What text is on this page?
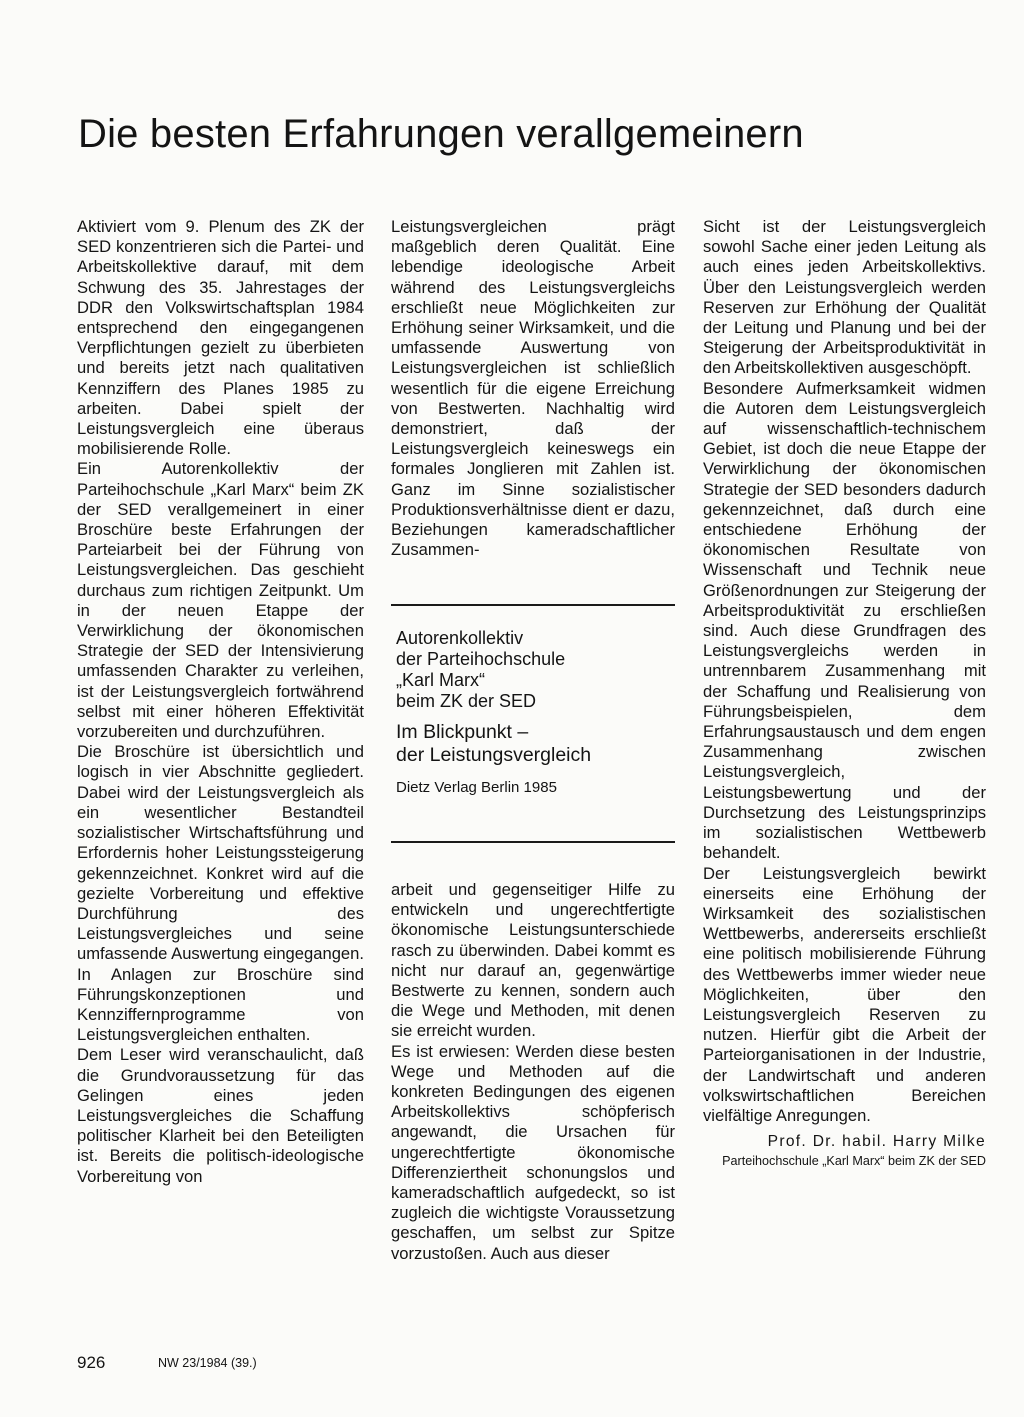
Die besten Erfahrungen verallgemeinern

Aktiviert vom 9. Plenum des ZK der SED konzentrieren sich die Partei- und Arbeitskollektive darauf, mit dem Schwung des 35. Jahrestages der DDR den Volkswirtschaftsplan 1984 entsprechend den eingegangenen Verpflichtungen gezielt zu überbieten und bereits jetzt nach qualitativen Kennziffern des Planes 1985 zu arbeiten. Dabei spielt der Leistungsvergleich eine überaus mobilisierende Rolle.

Ein Autorenkollektiv der Parteihochschule „Karl Marx“ beim ZK der SED verallgemeinert in einer Broschüre beste Erfahrungen der Parteiarbeit bei der Führung von Leistungsvergleichen. Das geschieht durchaus zum richtigen Zeitpunkt. Um in der neuen Etappe der Verwirklichung der ökonomischen Strategie der SED der Intensivierung umfassenden Charakter zu verleihen, ist der Leistungsvergleich fortwährend selbst mit einer höheren Effektivität vorzubereiten und durchzuführen.

Die Broschüre ist übersichtlich und logisch in vier Abschnitte gegliedert. Dabei wird der Leistungsvergleich als ein wesentlicher Bestandteil sozialistischer Wirtschaftsführung und Erfordernis hoher Leistungssteigerung gekennzeichnet. Konkret wird auf die gezielte Vorbereitung und effektive Durchführung des Leistungsvergleiches und seine umfassende Auswertung eingegangen. In Anlagen zur Broschüre sind Führungskonzeptionen und Kennziffernprogramme von Leistungsvergleichen enthalten.

Dem Leser wird veranschaulicht, daß die Grundvoraussetzung für das Gelingen eines jeden Leistungsvergleiches die Schaffung politischer Klarheit bei den Beteiligten ist. Bereits die politisch-ideologische Vorbereitung von

Leistungsvergleichen prägt maßgeblich deren Qualität. Eine lebendige ideologische Arbeit während des Leistungsvergleichs erschließt neue Möglichkeiten zur Erhöhung seiner Wirksamkeit, und die umfassende Auswertung von Leistungsvergleichen ist schließlich wesentlich für die eigene Erreichung von Bestwerten. Nachhaltig wird demonstriert, daß der Leistungsvergleich keineswegs ein formales Jonglieren mit Zahlen ist. Ganz im Sinne sozialistischer Produktionsverhältnisse dient er dazu, Beziehungen kameradschaftlicher Zusammen-

Autorenkollektiv
der Parteihochschule
„Karl Marx“
beim ZK der SED

Im Blickpunkt –
der Leistungsvergleich

Dietz Verlag Berlin 1985

arbeit und gegenseitiger Hilfe zu entwickeln und ungerechtfertigte ökonomische Leistungsunterschiede rasch zu überwinden. Dabei kommt es nicht nur darauf an, gegenwärtige Bestwerte zu kennen, sondern auch die Wege und Methoden, mit denen sie erreicht wurden.

Es ist erwiesen: Werden diese besten Wege und Methoden auf die konkreten Bedingungen des eigenen Arbeitskollektivs schöpferisch angewandt, die Ursachen für ungerechtfertigte ökonomische Differenziertheit schonungslos und kameradschaftlich aufgedeckt, so ist zugleich die wichtigste Voraussetzung geschaffen, um selbst zur Spitze vorzustoßen. Auch aus dieser

Sicht ist der Leistungsvergleich sowohl Sache einer jeden Leitung als auch eines jeden Arbeitskollektivs. Über den Leistungsvergleich werden Reserven zur Erhöhung der Qualität der Leitung und Planung und bei der Steigerung der Arbeitsproduktivität in den Arbeitskollektiven ausgeschöpft.

Besondere Aufmerksamkeit widmen die Autoren dem Leistungsvergleich auf wissenschaftlich-technischem Gebiet, ist doch die neue Etappe der Verwirklichung der ökonomischen Strategie der SED besonders dadurch gekennzeichnet, daß durch eine entschiedene Erhöhung der ökonomischen Resultate von Wissenschaft und Technik neue Größenordnungen zur Steigerung der Arbeitsproduktivität zu erschließen sind. Auch diese Grundfragen des Leistungsvergleichs werden in untrennbarem Zusammenhang mit der Schaffung und Realisierung von Führungsbeispielen, dem Erfahrungsaustausch und dem engen Zusammenhang zwischen Leistungsvergleich, Leistungsbewertung und der Durchsetzung des Leistungsprinzips im sozialistischen Wettbewerb behandelt.

Der Leistungsvergleich bewirkt einerseits eine Erhöhung der Wirksamkeit des sozialistischen Wettbewerbs, andererseits erschließt eine politisch mobilisierende Führung des Wettbewerbs immer wieder neue Möglichkeiten, über den Leistungsvergleich Reserven zu nutzen. Hierfür gibt die Arbeit der Parteiorganisationen in der Industrie, der Landwirtschaft und anderen volkswirtschaftlichen Bereichen vielfältige Anregungen.

Prof. Dr. habil. Harry Milke
Parteihochschule „Karl Marx“ beim ZK der SED
926	NW 23/1984 (39.)
